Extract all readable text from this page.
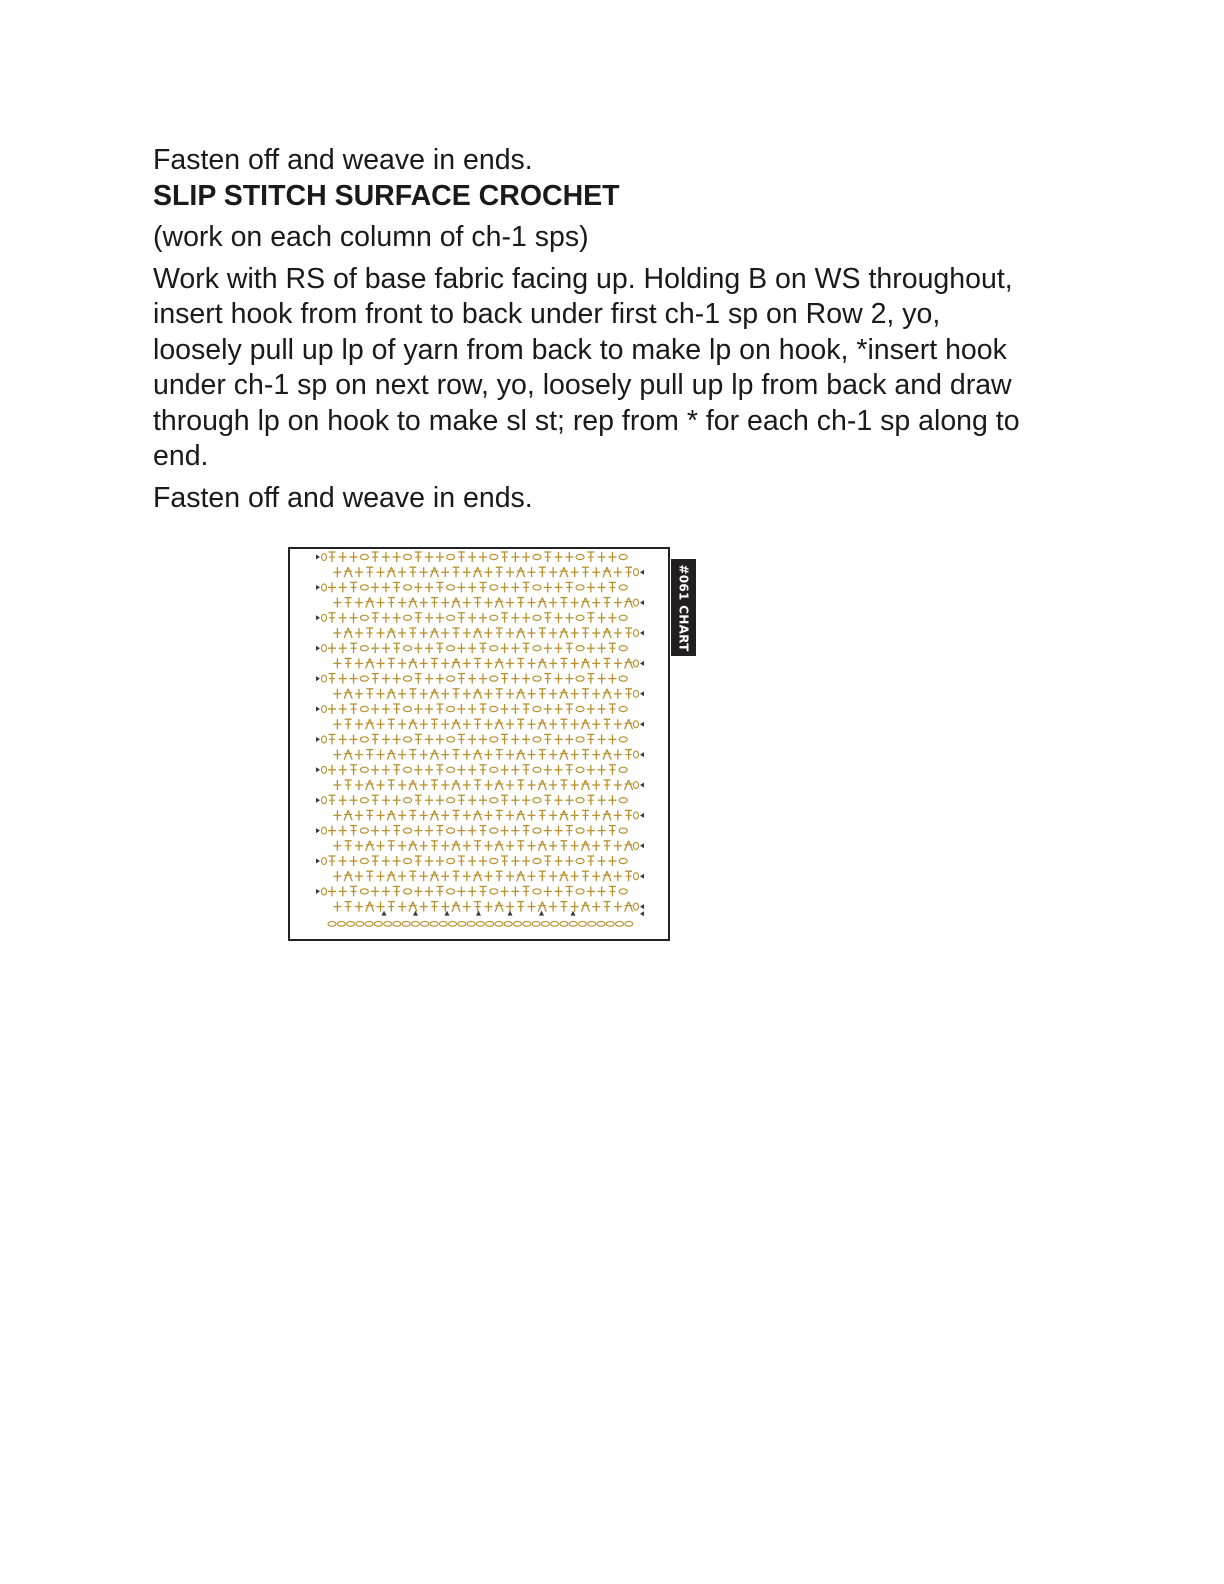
Fasten off and weave in ends.

SLIP STITCH SURFACE CROCHET

(work on each column of ch-1 sps)

Work with RS of base fabric facing up. Holding B on WS throughout,

insert hook from front to back under first ch-1 sp on Row 2, yo,

loosely pull up lp of yarn from back to make lp on hook, *insert hook

under ch-1 sp on next row, yo, loosely pull up lp from back and draw

through lp on hook to make sl st; rep from * for each ch-1 sp along to

end.

Fasten off and weave in ends.

#061 CHART
